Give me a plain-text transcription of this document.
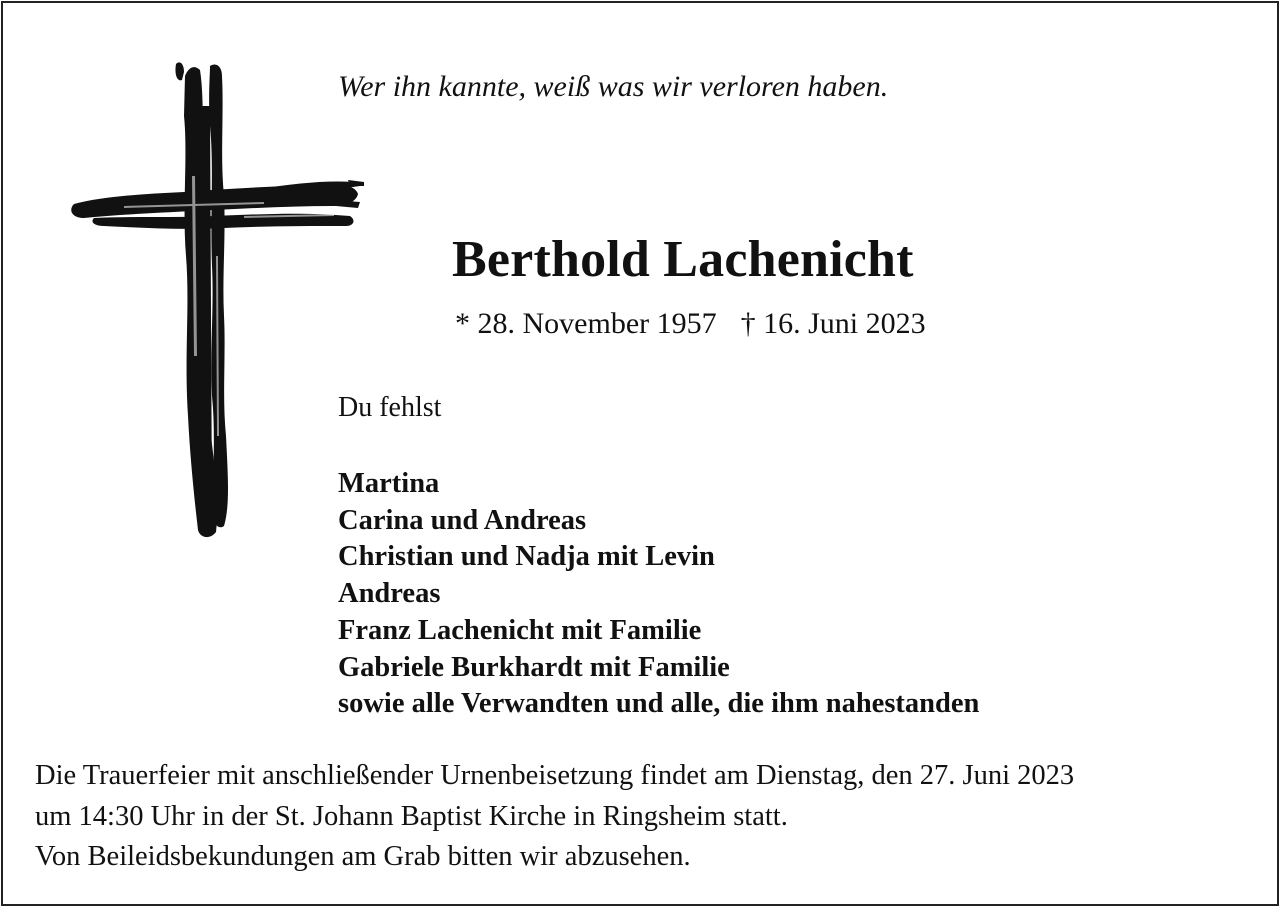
Wer ihn kannte, weiß was wir verloren haben.
Berthold Lachenicht
* 28. November 1957 † 16. Juni 2023
Du fehlst
Martina
Carina und Andreas
Christian und Nadja mit Levin
Andreas
Franz Lachenicht mit Familie
Gabriele Burkhardt mit Familie
sowie alle Verwandten und alle, die ihm nahestanden
Die Trauerfeier mit anschließender Urnenbeisetzung findet am Dienstag, den 27. Juni 2023
um 14:30 Uhr in der St. Johann Baptist Kirche in Ringsheim statt.
Von Beileidsbekundungen am Grab bitten wir abzusehen.
